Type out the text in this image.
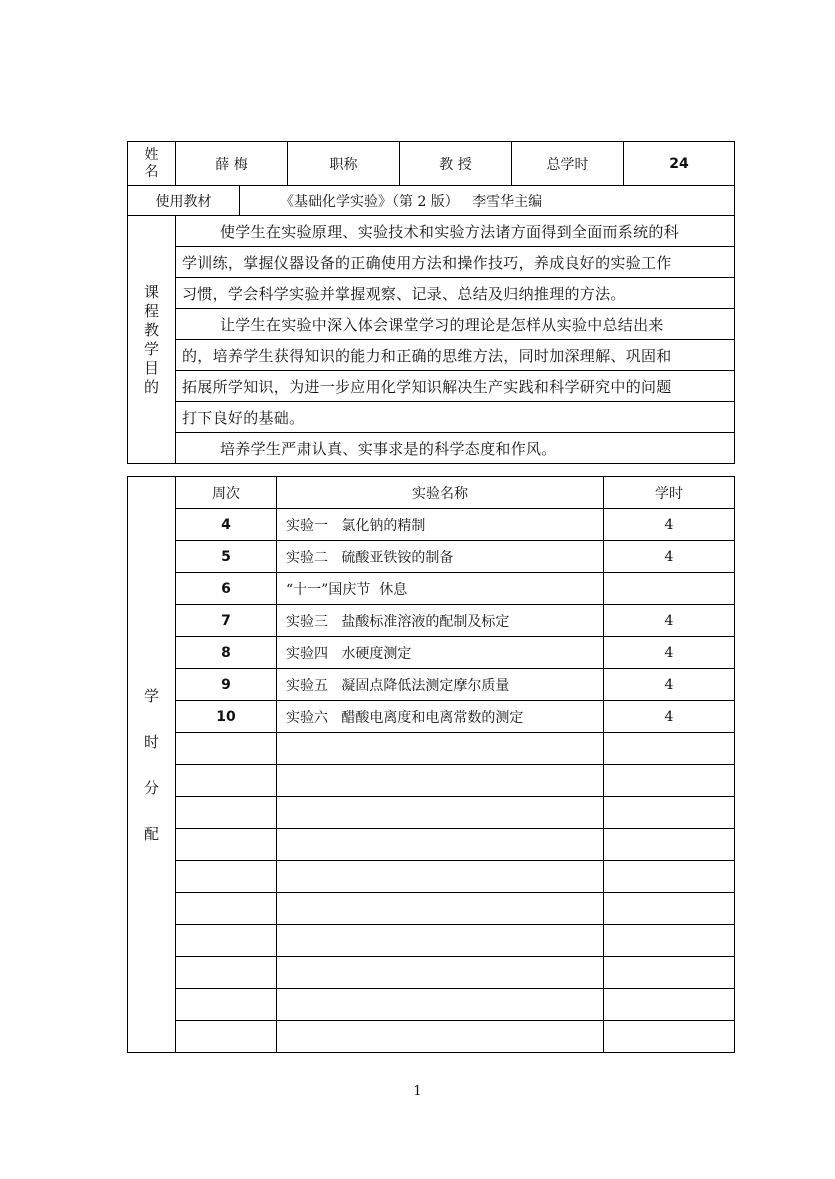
姓名	薛 梅		职称	教 授	总学时	24
使用教材		《基础化学实验》（第 2 版）   李雪华主编				
课
程
教
学
目
的
	使学生在实验原理、实验技术和实验方法诸方面得到全面而系统的科
学训练，掌握仪器设备的正确使用方法和操作技巧，养成良好的实验工作
习惯，学会科学实验并掌握观察、记录、总结及归纳推理的方法。
让学生在实验中深入体会课堂学习的理论是怎样从实验中总结出来
的，培养学生获得知识的能力和正确的思维方法，同时加深理解、巩固和
拓展所学知识，为进一步应用化学知识解决生产实践和科学研究中的问题
打下良好的基础。
培养学生严肃认真、实事求是的科学态度和作风。
学
时
分
配	周次	实验名称	学时
	4	实验一   氯化钠的精制	4
	5	实验二   硫酸亚铁铵的制备	4
	6	“十一”国庆节  休息	
	7	实验三   盐酸标准溶液的配制及标定	4
	8	实验四   水硬度测定	4
	9	实验五   凝固点降低法测定摩尔质量	4
	10	实验六   醋酸电离度和电离常数的测定	4

1
